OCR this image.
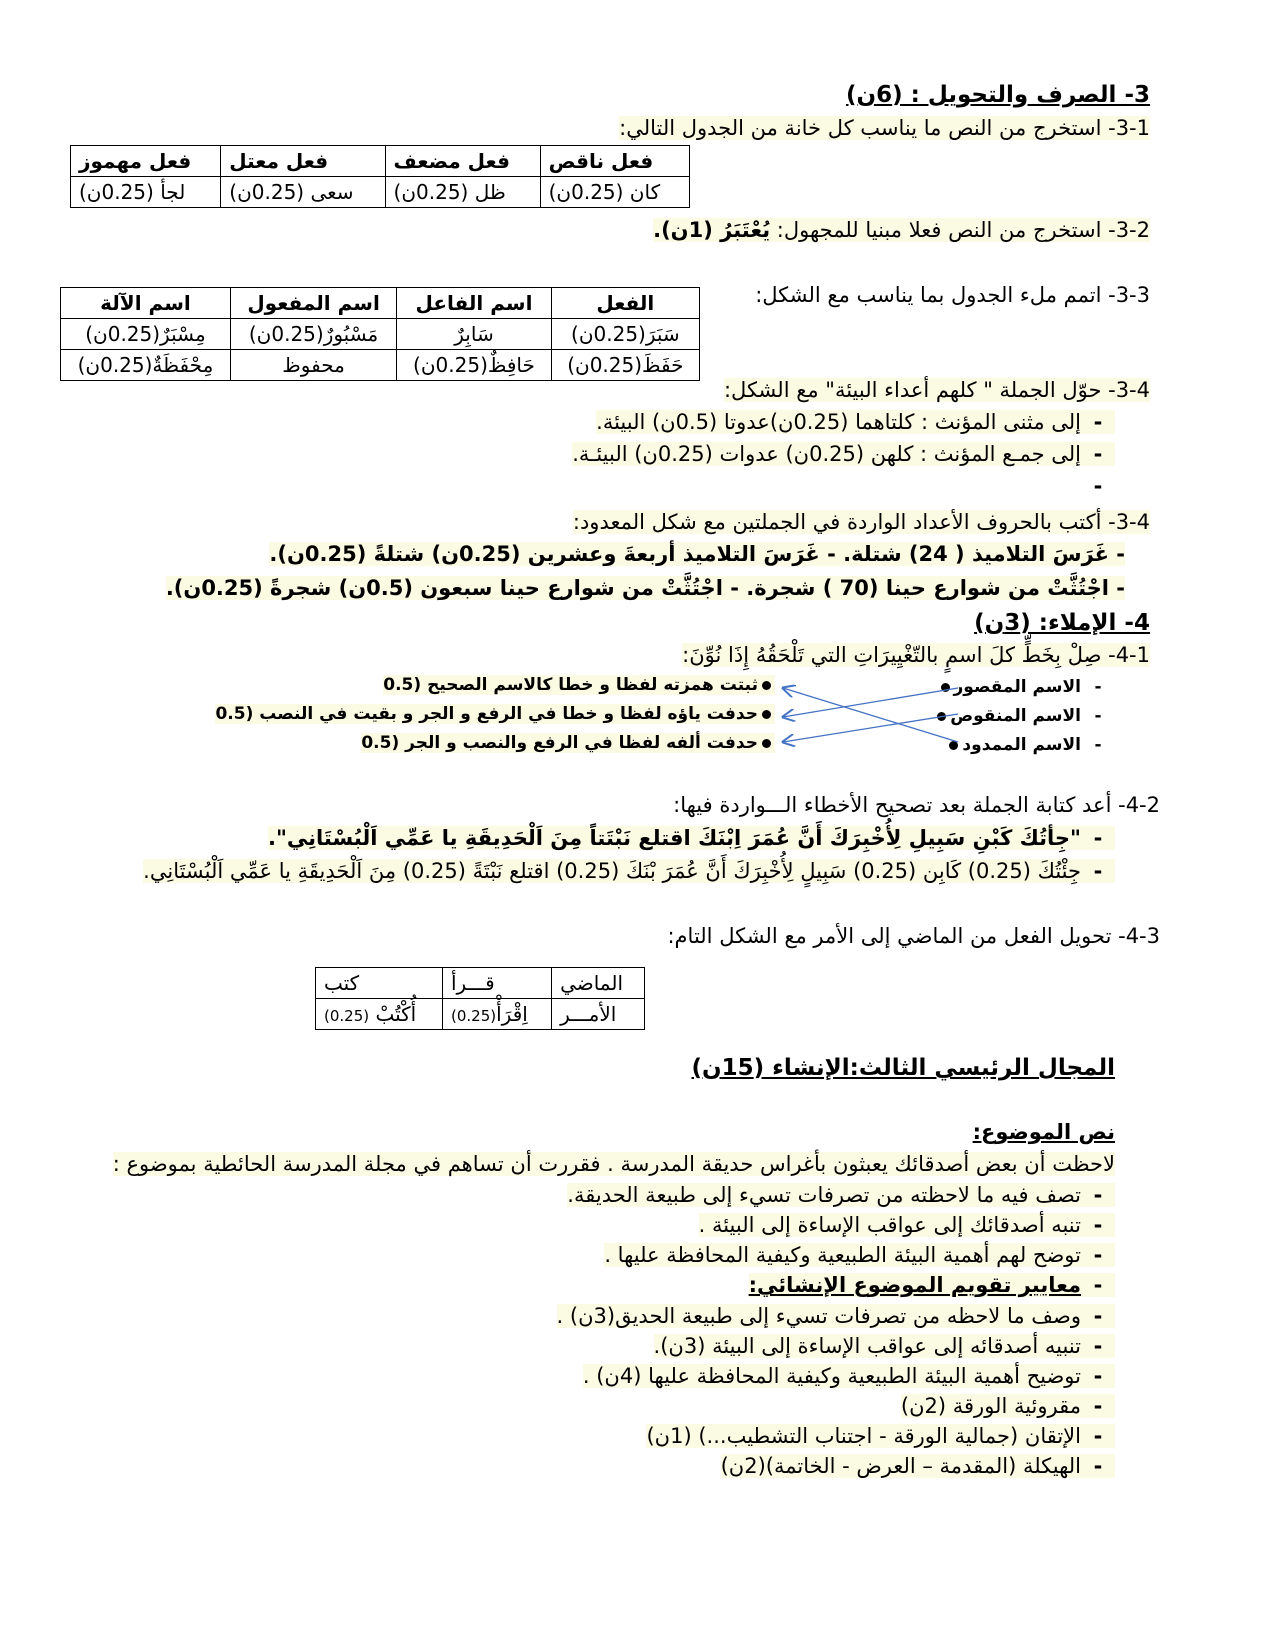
3- الصرف والتحويل : (6ن)
3-1- استخرج من النص ما يناسب كل خانة من الجدول التالي:
فعل ناقص	فعل مضعف	فعل معتل	فعل مهموز
كان (0.25ن)	ظل (0.25ن)	سعى (0.25ن)	لجأ (0.25ن)
3-2- استخرج من النص فعلا مبنيا للمجهول: يُعْتَبَرُ (1ن).
3-3- اتمم ملء الجدول بما يناسب مع الشكل:
الفعل	اسم الفاعل	اسم المفعول	اسم الآلة
سَبَرَ(0.25ن)	سَابِرٌ	مَسْبُورٌ(0.25ن)	مِسْبَرٌ(0.25ن)
حَفَظَ(0.25ن)	حَافِظٌ(0.25ن)	محفوظ	مِحْفَظَةٌ(0.25ن)
3-4- حوّل الجملة " كلهم أعداء البيئة" مع الشكل:
-إلى مثنى المؤنث : كلتاهما (0.25ن)عدوتا (0.5ن) البيئة.
-إلى جمـع المؤنث : كلهن (0.25ن) عدوات (0.25ن) البيئـة.
-
3-4- أكتب بالحروف الأعداد الواردة في الجملتين مع شكل المعدود:
- غَرَسَ التلاميذ ( 24) شتلة. - غَرَسَ التلاميذ أربعةَ وعشرين (0.25ن) شتلةً (0.25ن).
- اجْتُثَّتْ من شوارع حينا (70 ) شجرة. - اجْتُثَّتْ من شوارع حينا سبعون (0.5ن) شجرةً (0.25ن).
4- الإملاء: (3ن)
4-1- صِلْ بِخَطٍّ كلَ اسمٍ بالتّغْيِيرَاتِ التي تَلْحَقُهُ إِذَا نُوِّنَ:
-الاسم المقصور
-الاسم المنقوص
-الاسم الممدود
ثبتت همزته لفظا و خطا كالاسم الصحيح (0.5
حدفت ياؤه لفظا و خطا في الرفع و الجر و بقيت في النصب (0.5
حدفت ألفه لفظا في الرفع والنصب و الجر (0.5
4-2- أعد كتابة الجملة بعد تصحيح الأخطاء الـــواردة فيها:
-"جِأتُكَ كَبْنِ سَبِيلِ لِأُخْبِرَكَ أَنَّ عُمَرَ اِبْنَكَ اقتلع نَبْتَتاً مِنَ اَلْحَدِيقَةِ يا عَمِّي اَلْبُسْتَانِي".
-جِئْتُكَ (0.25) كَابِن (0.25) سَبِيلٍ لِأُخْبِرَكَ أَنَّ عُمَرَ بْنَكَ (0.25) اقتلع نَبْتَةً (0.25) مِنَ اَلْحَدِيقَةِ يا عَمِّي اَلْبُسْتَانِي.
4-3- تحويل الفعل من الماضي إلى الأمر مع الشكل التام:
الماضي	قـــرأ	كتب
الأمـــر	اِقْرَأْ(0.25)	أُكْتُبْ (0.25)
المجال الرئيسي الثالث:الإنشاء (15ن)
نص الموضوع:
لاحظت أن بعض أصدقائك يعبثون بأغراس حديقة المدرسة . فقررت أن تساهم في مجلة المدرسة الحائطية بموضوع :
-تصف فيه ما لاحظته من تصرفات تسيء إلى طبيعة الحديقة.
-تنبه أصدقائك إلى عواقب الإساءة إلى البيئة .
-توضح لهم أهمية البيئة الطبيعية وكيفية المحافظة عليها .
-معايير تقويم الموضوع الإنشائي:
-وصف ما لاحظه من تصرفات تسيء إلى طبيعة الحديق(3ن) .
-تنبيه أصدقائه إلى عواقب الإساءة إلى البيئة (3ن).
-توضيح أهمية البيئة الطبيعية وكيفية المحافظة عليها (4ن) .
-مقروئية الورقة (2ن)
-الإتقان (جمالية الورقة - اجتناب التشطيب...) (1ن)
-الهيكلة (المقدمة – العرض - الخاتمة)(2ن)
